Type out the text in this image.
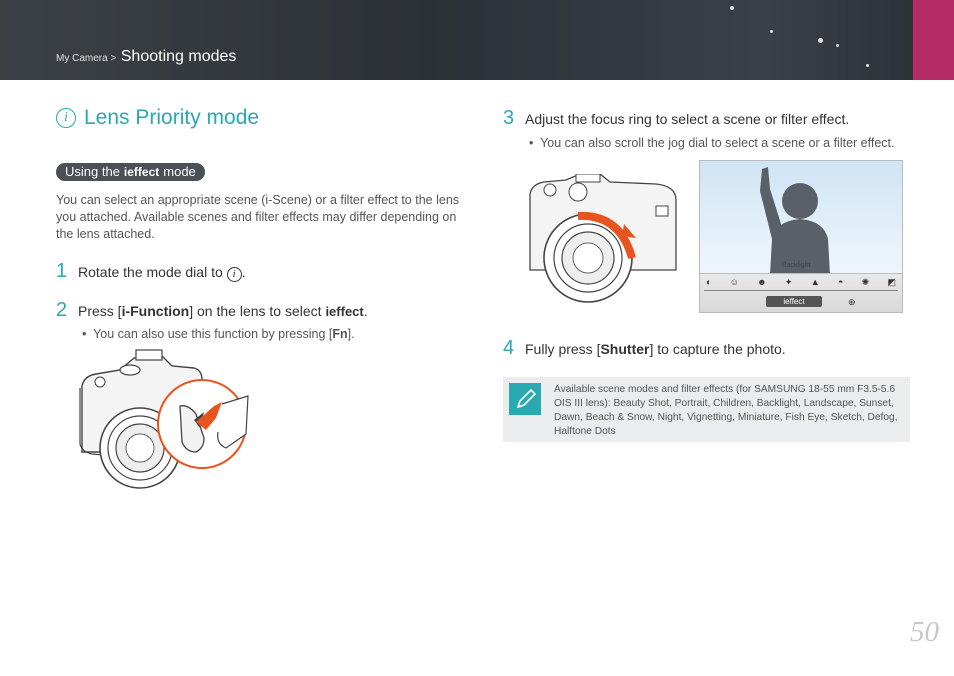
My Camera > Shooting modes
i Lens Priority mode
Using the ieffect mode
You can select an appropriate scene (i-Scene) or a filter effect to the lens you attached. Available scenes and filter effects may differ depending on the lens attached.
1 Rotate the mode dial to i .
2 Press [i-Function] on the lens to select ieffect.
•  You can also use this function by pressing [Fn].
3 Adjust the focus ring to select a scene or filter effect.
•  You can also scroll the jog dial to select a scene or a filter effect.
Backlight
◐ ☺ ☻ ✦ ▲ ◓ ✺ ◩
ieffect	⊕
4 Fully press [Shutter] to capture the photo.
Available scene modes and filter effects (for SAMSUNG 18-55 mm F3.5-5.6 OIS III lens): Beauty Shot, Portrait, Children, Backlight, Landscape, Sunset, Dawn, Beach & Snow, Night, Vignetting, Miniature, Fish Eye, Sketch, Defog, Halftone Dots
50
